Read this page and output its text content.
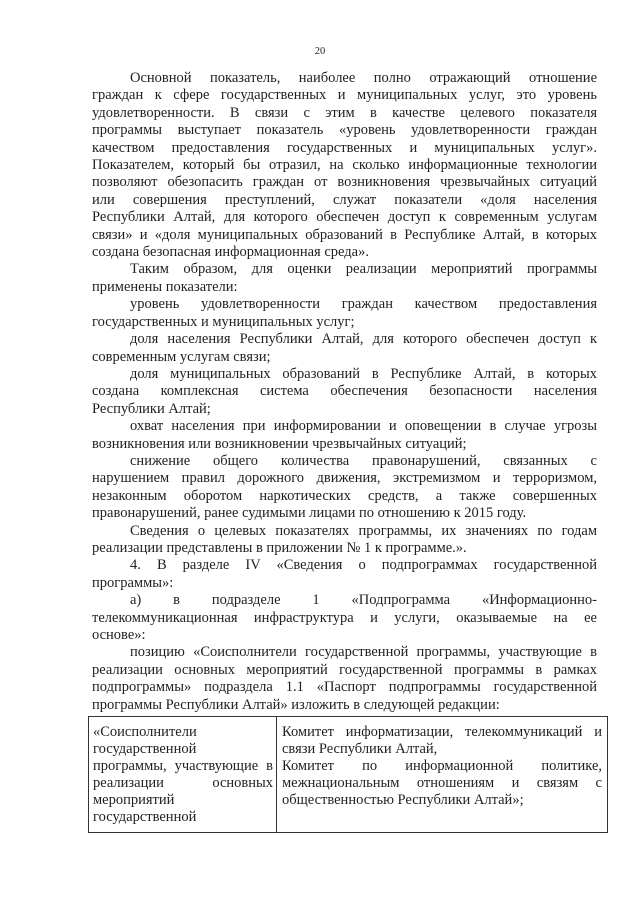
20
Основной показатель, наиболее полно отражающий отношение
граждан к сфере государственных и муниципальных услуг, это уровень
удовлетворенности. В связи с этим в качестве целевого показателя
программы выступает показатель «уровень удовлетворенности граждан
качеством предоставления государственных и муниципальных услуг».
Показателем, который бы отразил, на сколько информационные технологии
позволяют обезопасить граждан от возникновения чрезвычайных ситуаций
или совершения преступлений, служат показатели «доля населения
Республики Алтай, для которого обеспечен доступ к современным услугам
связи» и «доля муниципальных образований в Республике Алтай, в которых
создана безопасная информационная среда».
Таким образом, для оценки реализации мероприятий программы
применены показатели:
уровень удовлетворенности граждан качеством предоставления
государственных и муниципальных услуг;
доля населения Республики Алтай, для которого обеспечен доступ к
современным услугам связи;
доля муниципальных образований в Республике Алтай, в которых
создана комплексная система обеспечения безопасности населения
Республики Алтай;
охват населения при информировании и оповещении в случае угрозы
возникновения или возникновении чрезвычайных ситуаций;
снижение общего количества правонарушений, связанных с
нарушением правил дорожного движения, экстремизмом и терроризмом,
незаконным оборотом наркотических средств, а также совершенных
правонарушений, ранее судимыми лицами по отношению к 2015 году.
Сведения о целевых показателях программы, их значениях по годам
реализации представлены в приложении № 1 к программе.».
4. В разделе IV «Сведения о подпрограммах государственной
программы»:
а) в подразделе 1 «Подпрограмма «Информационно-
телекоммуникационная инфраструктура и услуги, оказываемые на ее
основе»:
позицию «Соисполнители государственной программы, участвующие в
реализации основных мероприятий государственной программы в рамках
подпрограммы» подраздела 1.1 «Паспорт подпрограммы государственной
программы Республики Алтай» изложить в следующей редакции:
«Соисполнители
государственной
программы, участвующие в
реализации основных
мероприятий
государственной
Комитет информатизации, телекоммуникаций и
связи Республики Алтай,
Комитет по информационной политике,
межнациональным отношениям и связям с
общественностью Республики Алтай»;
